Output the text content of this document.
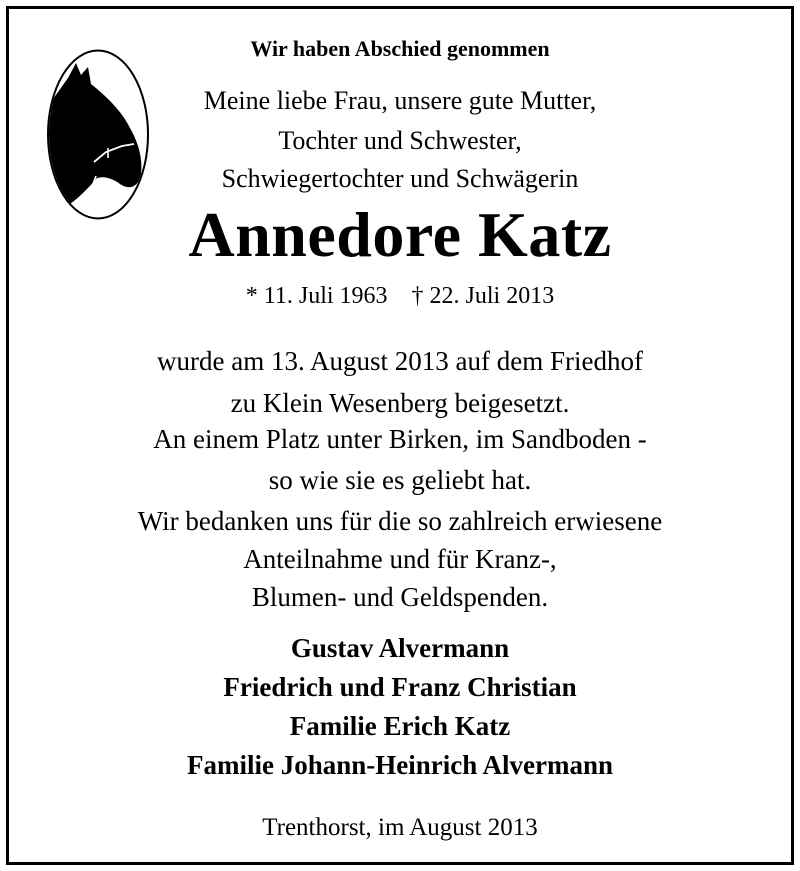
Wir haben Abschied genommen

Meine liebe Frau, unsere gute Mutter,

Tochter und Schwester,

Schwiegertochter und Schwägerin

Annedore Katz

* 11. Juli 1963    † 22. Juli 2013

wurde am 13. August 2013 auf dem Friedhof

zu Klein Wesenberg beigesetzt.

An einem Platz unter Birken, im Sandboden -

so wie sie es geliebt hat.

Wir bedanken uns für die so zahlreich erwiesene

Anteilnahme und für Kranz-,

Blumen- und Geldspenden.

Gustav Alvermann

Friedrich und Franz Christian

Familie Erich Katz

Familie Johann-Heinrich Alvermann

Trenthorst, im August 2013
